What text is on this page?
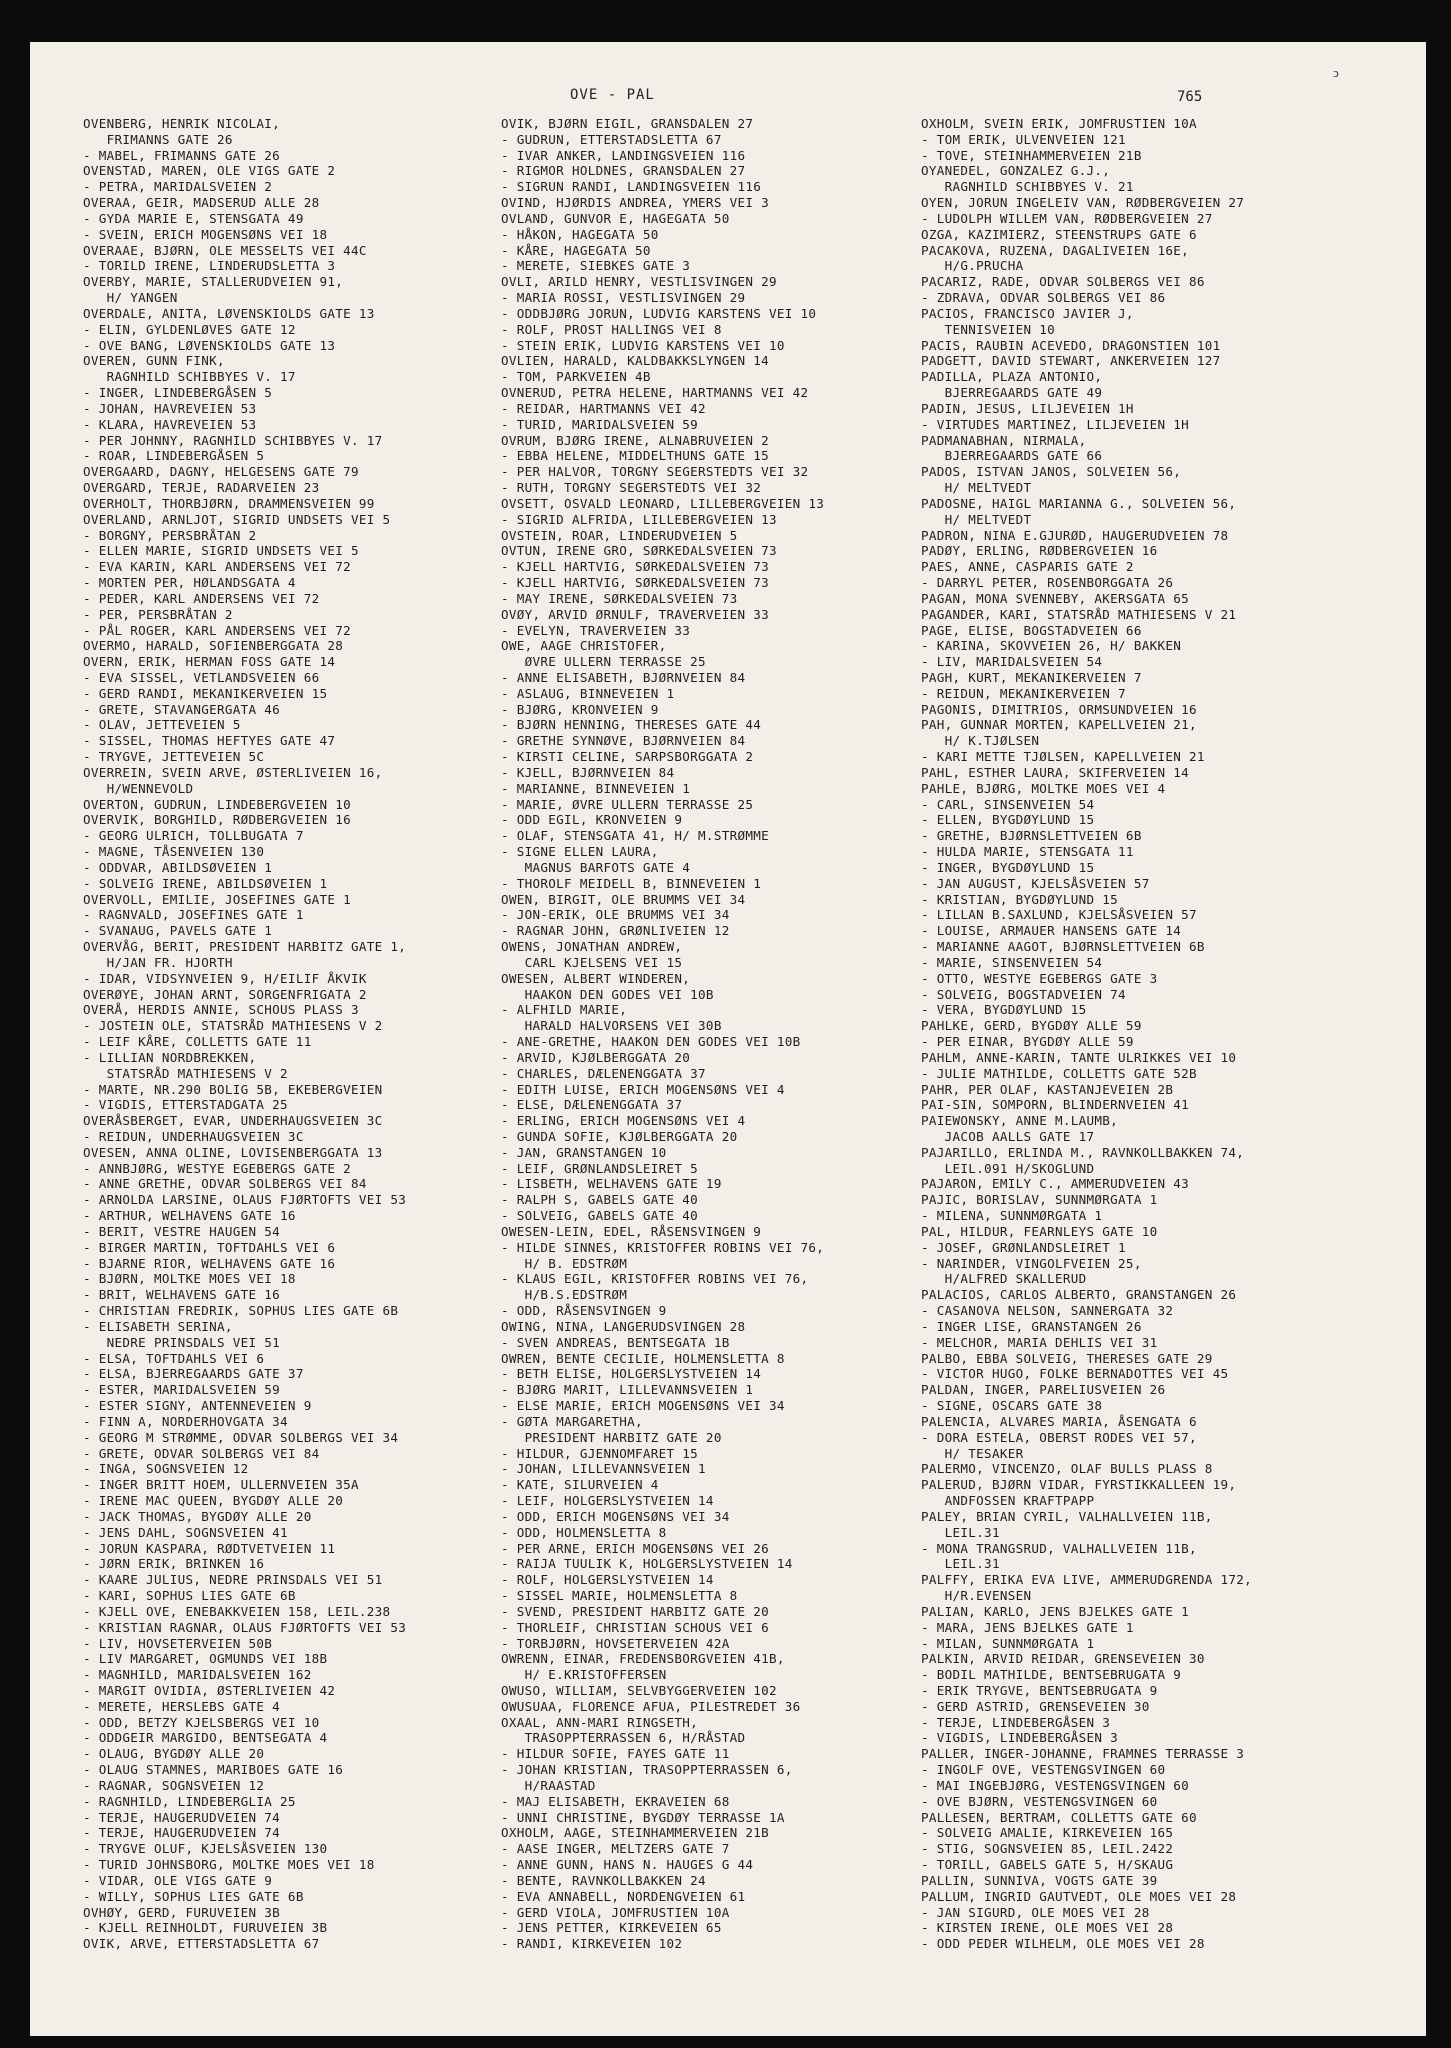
ↄ
OVE - PAL	765
OVENBERG, HENRIK NICOLAI,
FRIMANNS GATE 26
- MABEL, FRIMANNS GATE 26
OVENSTAD, MAREN, OLE VIGS GATE 2
- PETRA, MARIDALSVEIEN 2
OVERAA, GEIR, MADSERUD ALLE 28
- GYDA MARIE E, STENSGATA 49
- SVEIN, ERICH MOGENSØNS VEI 18
OVERAAE, BJØRN, OLE MESSELTS VEI 44C
- TORILD IRENE, LINDERUDSLETTA 3
OVERBY, MARIE, STALLERUDVEIEN 91,
H/ YANGEN
OVERDALE, ANITA, LØVENSKIOLDS GATE 13
- ELIN, GYLDENLØVES GATE 12
- OVE BANG, LØVENSKIOLDS GATE 13
OVEREN, GUNN FINK,
RAGNHILD SCHIBBYES V. 17
- INGER, LINDEBERGÅSEN 5
- JOHAN, HAVREVEIEN 53
- KLARA, HAVREVEIEN 53
- PER JOHNNY, RAGNHILD SCHIBBYES V. 17
- ROAR, LINDEBERGÅSEN 5
OVERGAARD, DAGNY, HELGESENS GATE 79
OVERGARD, TERJE, RADARVEIEN 23
OVERHOLT, THORBJØRN, DRAMMENSVEIEN 99
OVERLAND, ARNLJOT, SIGRID UNDSETS VEI 5
- BORGNY, PERSBRÅTAN 2
- ELLEN MARIE, SIGRID UNDSETS VEI 5
- EVA KARIN, KARL ANDERSENS VEI 72
- MORTEN PER, HØLANDSGATA 4
- PEDER, KARL ANDERSENS VEI 72
- PER, PERSBRÅTAN 2
- PÅL ROGER, KARL ANDERSENS VEI 72
OVERMO, HARALD, SOFIENBERGGATA 28
OVERN, ERIK, HERMAN FOSS GATE 14
- EVA SISSEL, VETLANDSVEIEN 66
- GERD RANDI, MEKANIKERVEIEN 15
- GRETE, STAVANGERGATA 46
- OLAV, JETTEVEIEN 5
- SISSEL, THOMAS HEFTYES GATE 47
- TRYGVE, JETTEVEIEN 5C
OVERREIN, SVEIN ARVE, ØSTERLIVEIEN 16,
H/WENNEVOLD
OVERTON, GUDRUN, LINDEBERGVEIEN 10
OVERVIK, BORGHILD, RØDBERGVEIEN 16
- GEORG ULRICH, TOLLBUGATA 7
- MAGNE, TÅSENVEIEN 130
- ODDVAR, ABILDSØVEIEN 1
- SOLVEIG IRENE, ABILDSØVEIEN 1
OVERVOLL, EMILIE, JOSEFINES GATE 1
- RAGNVALD, JOSEFINES GATE 1
- SVANAUG, PAVELS GATE 1
OVERVÅG, BERIT, PRESIDENT HARBITZ GATE 1,
H/JAN FR. HJORTH
- IDAR, VIDSYNVEIEN 9, H/EILIF ÅKVIK
OVERØYE, JOHAN ARNT, SORGENFRIGATA 2
OVERÅ, HERDIS ANNIE, SCHOUS PLASS 3
- JOSTEIN OLE, STATSRÅD MATHIESENS V 2
- LEIF KÅRE, COLLETTS GATE 11
- LILLIAN NORDBREKKEN,
STATSRÅD MATHIESENS V 2
- MARTE, NR.290 BOLIG 5B, EKEBERGVEIEN
- VIGDIS, ETTERSTADGATA 25
OVERÅSBERGET, EVAR, UNDERHAUGSVEIEN 3C
- REIDUN, UNDERHAUGSVEIEN 3C
OVESEN, ANNA OLINE, LOVISENBERGGATA 13
- ANNBJØRG, WESTYE EGEBERGS GATE 2
- ANNE GRETHE, ODVAR SOLBERGS VEI 84
- ARNOLDA LARSINE, OLAUS FJØRTOFTS VEI 53
- ARTHUR, WELHAVENS GATE 16
- BERIT, VESTRE HAUGEN 54
- BIRGER MARTIN, TOFTDAHLS VEI 6
- BJARNE RIOR, WELHAVENS GATE 16
- BJØRN, MOLTKE MOES VEI 18
- BRIT, WELHAVENS GATE 16
- CHRISTIAN FREDRIK, SOPHUS LIES GATE 6B
- ELISABETH SERINA,
NEDRE PRINSDALS VEI 51
- ELSA, TOFTDAHLS VEI 6
- ELSA, BJERREGAARDS GATE 37
- ESTER, MARIDALSVEIEN 59
- ESTER SIGNY, ANTENNEVEIEN 9
- FINN A, NORDERHOVGATA 34
- GEORG M STRØMME, ODVAR SOLBERGS VEI 34
- GRETE, ODVAR SOLBERGS VEI 84
- INGA, SOGNSVEIEN 12
- INGER BRITT HOEM, ULLERNVEIEN 35A
- IRENE MAC QUEEN, BYGDØY ALLE 20
- JACK THOMAS, BYGDØY ALLE 20
- JENS DAHL, SOGNSVEIEN 41
- JORUN KASPARA, RØDTVETVEIEN 11
- JØRN ERIK, BRINKEN 16
- KAARE JULIUS, NEDRE PRINSDALS VEI 51
- KARI, SOPHUS LIES GATE 6B
- KJELL OVE, ENEBAKKVEIEN 158, LEIL.238
- KRISTIAN RAGNAR, OLAUS FJØRTOFTS VEI 53
- LIV, HOVSETERVEIEN 50B
- LIV MARGARET, OGMUNDS VEI 18B
- MAGNHILD, MARIDALSVEIEN 162
- MARGIT OVIDIA, ØSTERLIVEIEN 42
- MERETE, HERSLEBS GATE 4
- ODD, BETZY KJELSBERGS VEI 10
- ODDGEIR MARGIDO, BENTSEGATA 4
- OLAUG, BYGDØY ALLE 20
- OLAUG STAMNES, MARIBOES GATE 16
- RAGNAR, SOGNSVEIEN 12
- RAGNHILD, LINDEBERGLIA 25
- TERJE, HAUGERUDVEIEN 74
- TERJE, HAUGERUDVEIEN 74
- TRYGVE OLUF, KJELSÅSVEIEN 130
- TURID JOHNSBORG, MOLTKE MOES VEI 18
- VIDAR, OLE VIGS GATE 9
- WILLY, SOPHUS LIES GATE 6B
OVHØY, GERD, FURUVEIEN 3B
- KJELL REINHOLDT, FURUVEIEN 3B
OVIK, ARVE, ETTERSTADSLETTA 67
OVIK, BJØRN EIGIL, GRANSDALEN 27
- GUDRUN, ETTERSTADSLETTA 67
- IVAR ANKER, LANDINGSVEIEN 116
- RIGMOR HOLDNES, GRANSDALEN 27
- SIGRUN RANDI, LANDINGSVEIEN 116
OVIND, HJØRDIS ANDREA, YMERS VEI 3
OVLAND, GUNVOR E, HAGEGATA 50
- HÅKON, HAGEGATA 50
- KÅRE, HAGEGATA 50
- MERETE, SIEBKES GATE 3
OVLI, ARILD HENRY, VESTLISVINGEN 29
- MARIA ROSSI, VESTLISVINGEN 29
- ODDBJØRG JORUN, LUDVIG KARSTENS VEI 10
- ROLF, PROST HALLINGS VEI 8
- STEIN ERIK, LUDVIG KARSTENS VEI 10
OVLIEN, HARALD, KALDBAKKSLYNGEN 14
- TOM, PARKVEIEN 4B
OVNERUD, PETRA HELENE, HARTMANNS VEI 42
- REIDAR, HARTMANNS VEI 42
- TURID, MARIDALSVEIEN 59
OVRUM, BJØRG IRENE, ALNABRUVEIEN 2
- EBBA HELENE, MIDDELTHUNS GATE 15
- PER HALVOR, TORGNY SEGERSTEDTS VEI 32
- RUTH, TORGNY SEGERSTEDTS VEI 32
OVSETT, OSVALD LEONARD, LILLEBERGVEIEN 13
- SIGRID ALFRIDA, LILLEBERGVEIEN 13
OVSTEIN, ROAR, LINDERUDVEIEN 5
OVTUN, IRENE GRO, SØRKEDALSVEIEN 73
- KJELL HARTVIG, SØRKEDALSVEIEN 73
- KJELL HARTVIG, SØRKEDALSVEIEN 73
- MAY IRENE, SØRKEDALSVEIEN 73
OVØY, ARVID ØRNULF, TRAVERVEIEN 33
- EVELYN, TRAVERVEIEN 33
OWE, AAGE CHRISTOFER,
ØVRE ULLERN TERRASSE 25
- ANNE ELISABETH, BJØRNVEIEN 84
- ASLAUG, BINNEVEIEN 1
- BJØRG, KRONVEIEN 9
- BJØRN HENNING, THERESES GATE 44
- GRETHE SYNNØVE, BJØRNVEIEN 84
- KIRSTI CELINE, SARPSBORGGATA 2
- KJELL, BJØRNVEIEN 84
- MARIANNE, BINNEVEIEN 1
- MARIE, ØVRE ULLERN TERRASSE 25
- ODD EGIL, KRONVEIEN 9
- OLAF, STENSGATA 41, H/ M.STRØMME
- SIGNE ELLEN LAURA,
MAGNUS BARFOTS GATE 4
- THOROLF MEIDELL B, BINNEVEIEN 1
OWEN, BIRGIT, OLE BRUMMS VEI 34
- JON-ERIK, OLE BRUMMS VEI 34
- RAGNAR JOHN, GRØNLIVEIEN 12
OWENS, JONATHAN ANDREW,
CARL KJELSENS VEI 15
OWESEN, ALBERT WINDEREN,
HAAKON DEN GODES VEI 10B
- ALFHILD MARIE,
HARALD HALVORSENS VEI 30B
- ANE-GRETHE, HAAKON DEN GODES VEI 10B
- ARVID, KJØLBERGGATA 20
- CHARLES, DÆLENENGGATA 37
- EDITH LUISE, ERICH MOGENSØNS VEI 4
- ELSE, DÆLENENGGATA 37
- ERLING, ERICH MOGENSØNS VEI 4
- GUNDA SOFIE, KJØLBERGGATA 20
- JAN, GRANSTANGEN 10
- LEIF, GRØNLANDSLEIRET 5
- LISBETH, WELHAVENS GATE 19
- RALPH S, GABELS GATE 40
- SOLVEIG, GABELS GATE 40
OWESEN-LEIN, EDEL, RÅSENSVINGEN 9
- HILDE SINNES, KRISTOFFER ROBINS VEI 76,
H/ B. EDSTRØM
- KLAUS EGIL, KRISTOFFER ROBINS VEI 76,
H/B.S.EDSTRØM
- ODD, RÅSENSVINGEN 9
OWING, NINA, LANGERUDSVINGEN 28
- SVEN ANDREAS, BENTSEGATA 1B
OWREN, BENTE CECILIE, HOLMENSLETTA 8
- BETH ELISE, HOLGERSLYSTVEIEN 14
- BJØRG MARIT, LILLEVANNSVEIEN 1
- ELSE MARIE, ERICH MOGENSØNS VEI 34
- GØTA MARGARETHA,
PRESIDENT HARBITZ GATE 20
- HILDUR, GJENNOMFARET 15
- JOHAN, LILLEVANNSVEIEN 1
- KATE, SILURVEIEN 4
- LEIF, HOLGERSLYSTVEIEN 14
- ODD, ERICH MOGENSØNS VEI 34
- ODD, HOLMENSLETTA 8
- PER ARNE, ERICH MOGENSØNS VEI 26
- RAIJA TUULIK K, HOLGERSLYSTVEIEN 14
- ROLF, HOLGERSLYSTVEIEN 14
- SISSEL MARIE, HOLMENSLETTA 8
- SVEND, PRESIDENT HARBITZ GATE 20
- THORLEIF, CHRISTIAN SCHOUS VEI 6
- TORBJØRN, HOVSETERVEIEN 42A
OWRENN, EINAR, FREDENSBORGVEIEN 41B,
H/ E.KRISTOFFERSEN
OWUSO, WILLIAM, SELVBYGGERVEIEN 102
OWUSUAA, FLORENCE AFUA, PILESTREDET 36
OXAAL, ANN-MARI RINGSETH,
TRASOPPTERRASSEN 6, H/RÅSTAD
- HILDUR SOFIE, FAYES GATE 11
- JOHAN KRISTIAN, TRASOPPTERRASSEN 6,
H/RAASTAD
- MAJ ELISABETH, EKRAVEIEN 68
- UNNI CHRISTINE, BYGDØY TERRASSE 1A
OXHOLM, AAGE, STEINHAMMERVEIEN 21B
- AASE INGER, MELTZERS GATE 7
- ANNE GUNN, HANS N. HAUGES G 44
- BENTE, RAVNKOLLBAKKEN 24
- EVA ANNABELL, NORDENGVEIEN 61
- GERD VIOLA, JOMFRUSTIEN 10A
- JENS PETTER, KIRKEVEIEN 65
- RANDI, KIRKEVEIEN 102
OXHOLM, SVEIN ERIK, JOMFRUSTIEN 10A
- TOM ERIK, ULVENVEIEN 121
- TOVE, STEINHAMMERVEIEN 21B
OYANEDEL, GONZALEZ G.J.,
RAGNHILD SCHIBBYES V. 21
OYEN, JORUN INGELEIV VAN, RØDBERGVEIEN 27
- LUDOLPH WILLEM VAN, RØDBERGVEIEN 27
OZGA, KAZIMIERZ, STEENSTRUPS GATE 6
PACAKOVA, RUZENA, DAGALIVEIEN 16E,
H/G.PRUCHA
PACARIZ, RADE, ODVAR SOLBERGS VEI 86
- ZDRAVA, ODVAR SOLBERGS VEI 86
PACIOS, FRANCISCO JAVIER J,
TENNISVEIEN 10
PACIS, RAUBIN ACEVEDO, DRAGONSTIEN 101
PADGETT, DAVID STEWART, ANKERVEIEN 127
PADILLA, PLAZA ANTONIO,
BJERREGAARDS GATE 49
PADIN, JESUS, LILJEVEIEN 1H
- VIRTUDES MARTINEZ, LILJEVEIEN 1H
PADMANABHAN, NIRMALA,
BJERREGAARDS GATE 66
PADOS, ISTVAN JANOS, SOLVEIEN 56,
H/ MELTVEDT
PADOSNE, HAIGL MARIANNA G., SOLVEIEN 56,
H/ MELTVEDT
PADRON, NINA E.GJURØD, HAUGERUDVEIEN 78
PADØY, ERLING, RØDBERGVEIEN 16
PAES, ANNE, CASPARIS GATE 2
- DARRYL PETER, ROSENBORGGATA 26
PAGAN, MONA SVENNEBY, AKERSGATA 65
PAGANDER, KARI, STATSRÅD MATHIESENS V 21
PAGE, ELISE, BOGSTADVEIEN 66
- KARINA, SKOVVEIEN 26, H/ BAKKEN
- LIV, MARIDALSVEIEN 54
PAGH, KURT, MEKANIKERVEIEN 7
- REIDUN, MEKANIKERVEIEN 7
PAGONIS, DIMITRIOS, ORMSUNDVEIEN 16
PAH, GUNNAR MORTEN, KAPELLVEIEN 21,
H/ K.TJØLSEN
- KARI METTE TJØLSEN, KAPELLVEIEN 21
PAHL, ESTHER LAURA, SKIFERVEIEN 14
PAHLE, BJØRG, MOLTKE MOES VEI 4
- CARL, SINSENVEIEN 54
- ELLEN, BYGDØYLUND 15
- GRETHE, BJØRNSLETTVEIEN 6B
- HULDA MARIE, STENSGATA 11
- INGER, BYGDØYLUND 15
- JAN AUGUST, KJELSÅSVEIEN 57
- KRISTIAN, BYGDØYLUND 15
- LILLAN B.SAXLUND, KJELSÅSVEIEN 57
- LOUISE, ARMAUER HANSENS GATE 14
- MARIANNE AAGOT, BJØRNSLETTVEIEN 6B
- MARIE, SINSENVEIEN 54
- OTTO, WESTYE EGEBERGS GATE 3
- SOLVEIG, BOGSTADVEIEN 74
- VERA, BYGDØYLUND 15
PAHLKE, GERD, BYGDØY ALLE 59
- PER EINAR, BYGDØY ALLE 59
PAHLM, ANNE-KARIN, TANTE ULRIKKES VEI 10
- JULIE MATHILDE, COLLETTS GATE 52B
PAHR, PER OLAF, KASTANJEVEIEN 2B
PAI-SIN, SOMPORN, BLINDERNVEIEN 41
PAIEWONSKY, ANNE M.LAUMB,
JACOB AALLS GATE 17
PAJARILLO, ERLINDA M., RAVNKOLLBAKKEN 74,
LEIL.091 H/SKOGLUND
PAJARON, EMILY C., AMMERUDVEIEN 43
PAJIC, BORISLAV, SUNNMØRGATA 1
- MILENA, SUNNMØRGATA 1
PAL, HILDUR, FEARNLEYS GATE 10
- JOSEF, GRØNLANDSLEIRET 1
- NARINDER, VINGOLFVEIEN 25,
H/ALFRED SKALLERUD
PALACIOS, CARLOS ALBERTO, GRANSTANGEN 26
- CASANOVA NELSON, SANNERGATA 32
- INGER LISE, GRANSTANGEN 26
- MELCHOR, MARIA DEHLIS VEI 31
PALBO, EBBA SOLVEIG, THERESES GATE 29
- VICTOR HUGO, FOLKE BERNADOTTES VEI 45
PALDAN, INGER, PARELIUSVEIEN 26
- SIGNE, OSCARS GATE 38
PALENCIA, ALVARES MARIA, ÅSENGATA 6
- DORA ESTELA, OBERST RODES VEI 57,
H/ TESAKER
PALERMO, VINCENZO, OLAF BULLS PLASS 8
PALERUD, BJØRN VIDAR, FYRSTIKKALLEEN 19,
ANDFOSSEN KRAFTPAPP
PALEY, BRIAN CYRIL, VALHALLVEIEN 11B,
LEIL.31
- MONA TRANGSRUD, VALHALLVEIEN 11B,
LEIL.31
PALFFY, ERIKA EVA LIVE, AMMERUDGRENDA 172,
H/R.EVENSEN
PALIAN, KARLO, JENS BJELKES GATE 1
- MARA, JENS BJELKES GATE 1
- MILAN, SUNNMØRGATA 1
PALKIN, ARVID REIDAR, GRENSEVEIEN 30
- BODIL MATHILDE, BENTSEBRUGATA 9
- ERIK TRYGVE, BENTSEBRUGATA 9
- GERD ASTRID, GRENSEVEIEN 30
- TERJE, LINDEBERGÅSEN 3
- VIGDIS, LINDEBERGÅSEN 3
PALLER, INGER-JOHANNE, FRAMNES TERRASSE 3
- INGOLF OVE, VESTENGSVINGEN 60
- MAI INGEBJØRG, VESTENGSVINGEN 60
- OVE BJØRN, VESTENGSVINGEN 60
PALLESEN, BERTRAM, COLLETTS GATE 60
- SOLVEIG AMALIE, KIRKEVEIEN 165
- STIG, SOGNSVEIEN 85, LEIL.2422
- TORILL, GABELS GATE 5, H/SKAUG
PALLIN, SUNNIVA, VOGTS GATE 39
PALLUM, INGRID GAUTVEDT, OLE MOES VEI 28
- JAN SIGURD, OLE MOES VEI 28
- KIRSTEN IRENE, OLE MOES VEI 28
- ODD PEDER WILHELM, OLE MOES VEI 28
